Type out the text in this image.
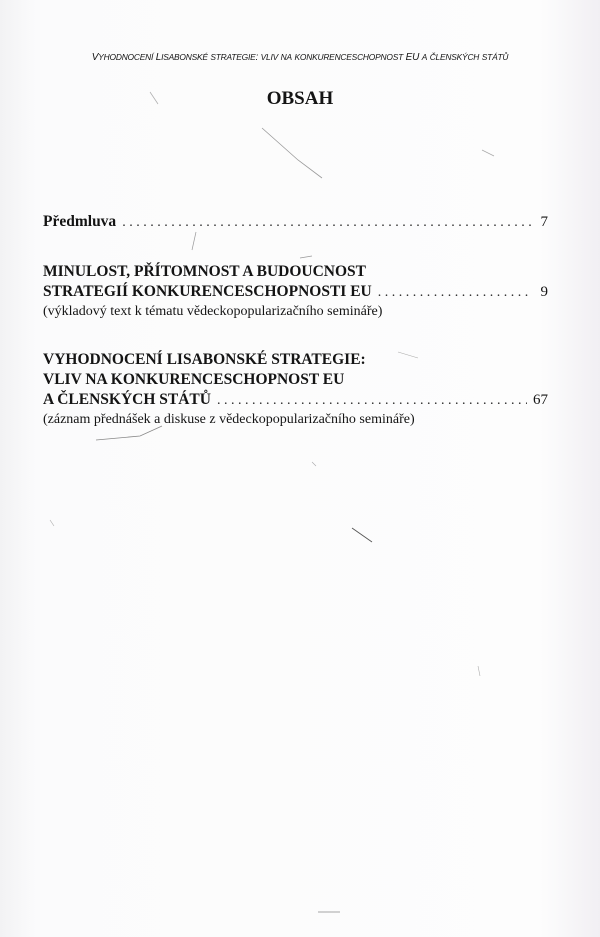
VYHODNOCENÍ LISABONSKÉ STRATEGIE: VLIV NA KONKURENCESCHOPNOST EU A ČLENSKÝCH STÁTŮ
OBSAH
Předmluva . . .	7
MINULOST, PŘÍTOMNOST A BUDOUCNOST
STRATEGIÍ KONKURENCESCHOPNOSTI EU . . .	9
(výkladový text k tématu vědeckopopularizačního semináře)
VYHODNOCENÍ LISABONSKÉ STRATEGIE:
VLIV NA KONKURENCESCHOPNOST EU
A ČLENSKÝCH STÁTŮ . . .	67
(záznam přednášek a diskuse z vědeckopopularizačního semináře)
